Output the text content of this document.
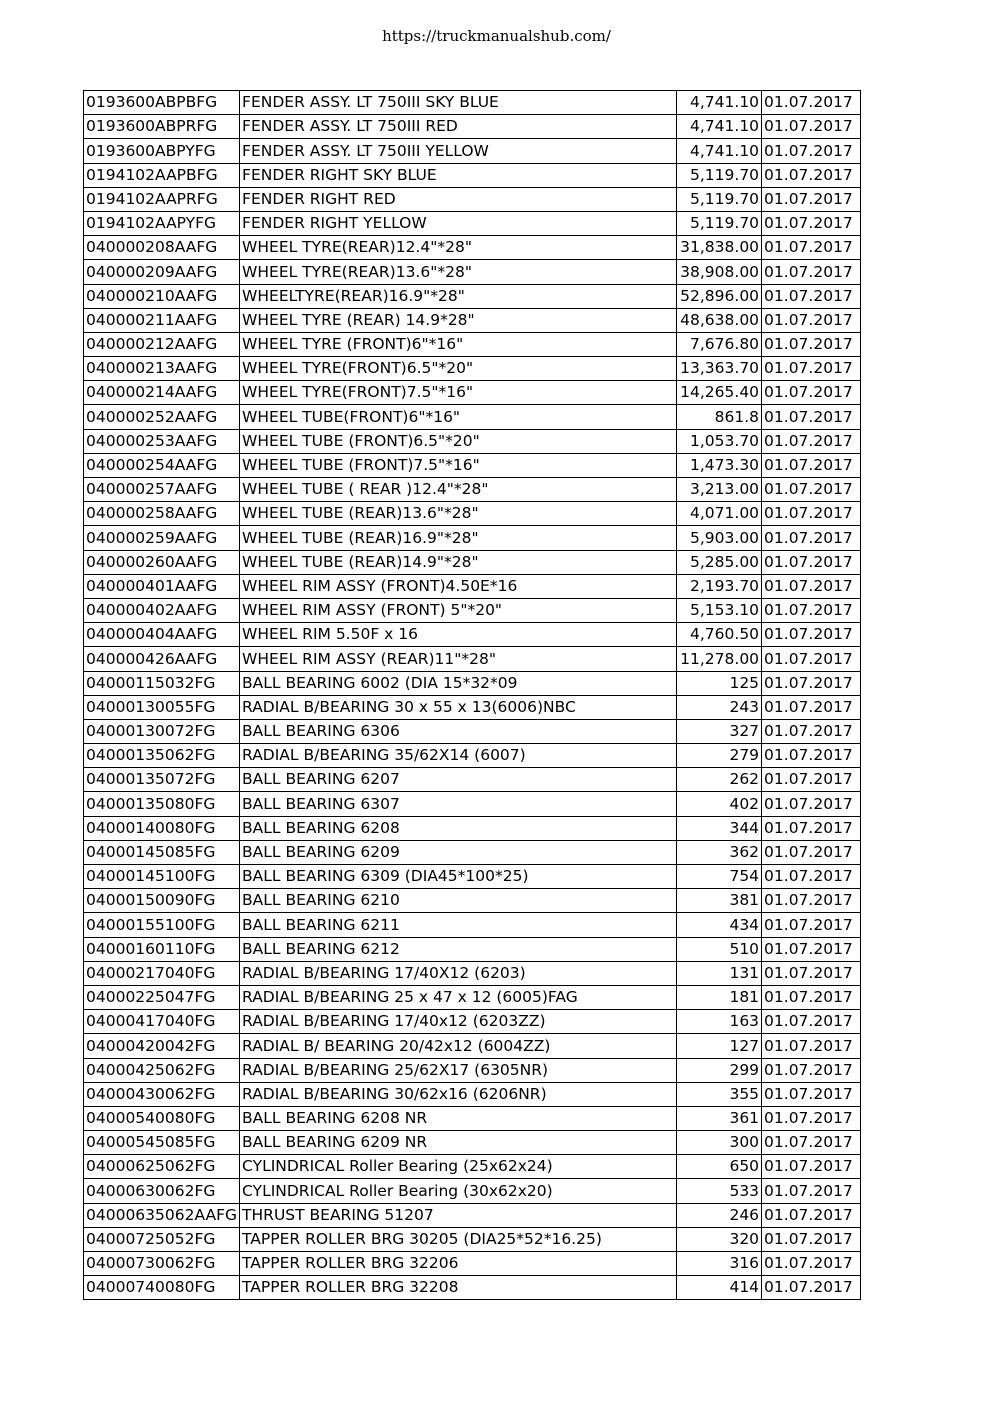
https://truckmanualshub.com/
0193600ABPBFG	FENDER ASSY. LT 750III SKY BLUE	4,741.10	01.07.2017
0193600ABPRFG	FENDER ASSY. LT 750III RED	4,741.10	01.07.2017
0193600ABPYFG	FENDER ASSY. LT 750III YELLOW	4,741.10	01.07.2017
0194102AAPBFG	FENDER RIGHT SKY BLUE	5,119.70	01.07.2017
0194102AAPRFG	FENDER RIGHT RED	5,119.70	01.07.2017
0194102AAPYFG	FENDER RIGHT YELLOW	5,119.70	01.07.2017
040000208AAFG	WHEEL TYRE(REAR)12.4"*28"	31,838.00	01.07.2017
040000209AAFG	WHEEL TYRE(REAR)13.6"*28"	38,908.00	01.07.2017
040000210AAFG	WHEELTYRE(REAR)16.9"*28"	52,896.00	01.07.2017
040000211AAFG	WHEEL TYRE (REAR) 14.9*28"	48,638.00	01.07.2017
040000212AAFG	WHEEL TYRE (FRONT)6"*16"	7,676.80	01.07.2017
040000213AAFG	WHEEL TYRE(FRONT)6.5"*20"	13,363.70	01.07.2017
040000214AAFG	WHEEL TYRE(FRONT)7.5"*16"	14,265.40	01.07.2017
040000252AAFG	WHEEL TUBE(FRONT)6"*16"	861.8	01.07.2017
040000253AAFG	WHEEL TUBE (FRONT)6.5"*20"	1,053.70	01.07.2017
040000254AAFG	WHEEL TUBE (FRONT)7.5"*16"	1,473.30	01.07.2017
040000257AAFG	WHEEL TUBE ( REAR )12.4"*28"	3,213.00	01.07.2017
040000258AAFG	WHEEL TUBE (REAR)13.6"*28"	4,071.00	01.07.2017
040000259AAFG	WHEEL TUBE (REAR)16.9"*28"	5,903.00	01.07.2017
040000260AAFG	WHEEL TUBE (REAR)14.9"*28"	5,285.00	01.07.2017
040000401AAFG	WHEEL RIM ASSY (FRONT)4.50E*16	2,193.70	01.07.2017
040000402AAFG	WHEEL RIM ASSY (FRONT) 5"*20"	5,153.10	01.07.2017
040000404AAFG	WHEEL RIM 5.50F x 16	4,760.50	01.07.2017
040000426AAFG	WHEEL RIM ASSY (REAR)11"*28"	11,278.00	01.07.2017
04000115032FG	BALL BEARING 6002 (DIA 15*32*09	125	01.07.2017
04000130055FG	RADIAL B/BEARING 30 x 55 x 13(6006)NBC	243	01.07.2017
04000130072FG	BALL BEARING 6306	327	01.07.2017
04000135062FG	RADIAL B/BEARING 35/62X14 (6007)	279	01.07.2017
04000135072FG	BALL BEARING 6207	262	01.07.2017
04000135080FG	BALL BEARING 6307	402	01.07.2017
04000140080FG	BALL BEARING 6208	344	01.07.2017
04000145085FG	BALL BEARING 6209	362	01.07.2017
04000145100FG	BALL BEARING 6309 (DIA45*100*25)	754	01.07.2017
04000150090FG	BALL BEARING 6210	381	01.07.2017
04000155100FG	BALL BEARING 6211	434	01.07.2017
04000160110FG	BALL BEARING 6212	510	01.07.2017
04000217040FG	RADIAL B/BEARING 17/40X12 (6203)	131	01.07.2017
04000225047FG	RADIAL B/BEARING 25 x 47 x 12 (6005)FAG	181	01.07.2017
04000417040FG	RADIAL B/BEARING 17/40x12 (6203ZZ)	163	01.07.2017
04000420042FG	RADIAL B/ BEARING 20/42x12 (6004ZZ)	127	01.07.2017
04000425062FG	RADIAL B/BEARING 25/62X17 (6305NR)	299	01.07.2017
04000430062FG	RADIAL B/BEARING 30/62x16 (6206NR)	355	01.07.2017
04000540080FG	BALL BEARING 6208 NR	361	01.07.2017
04000545085FG	BALL BEARING 6209 NR	300	01.07.2017
04000625062FG	CYLINDRICAL Roller Bearing (25x62x24)	650	01.07.2017
04000630062FG	CYLINDRICAL Roller Bearing (30x62x20)	533	01.07.2017
04000635062AAFG	THRUST BEARING 51207	246	01.07.2017
04000725052FG	TAPPER ROLLER BRG 30205 (DIA25*52*16.25)	320	01.07.2017
04000730062FG	TAPPER ROLLER BRG 32206	316	01.07.2017
04000740080FG	TAPPER ROLLER BRG 32208	414	01.07.2017
